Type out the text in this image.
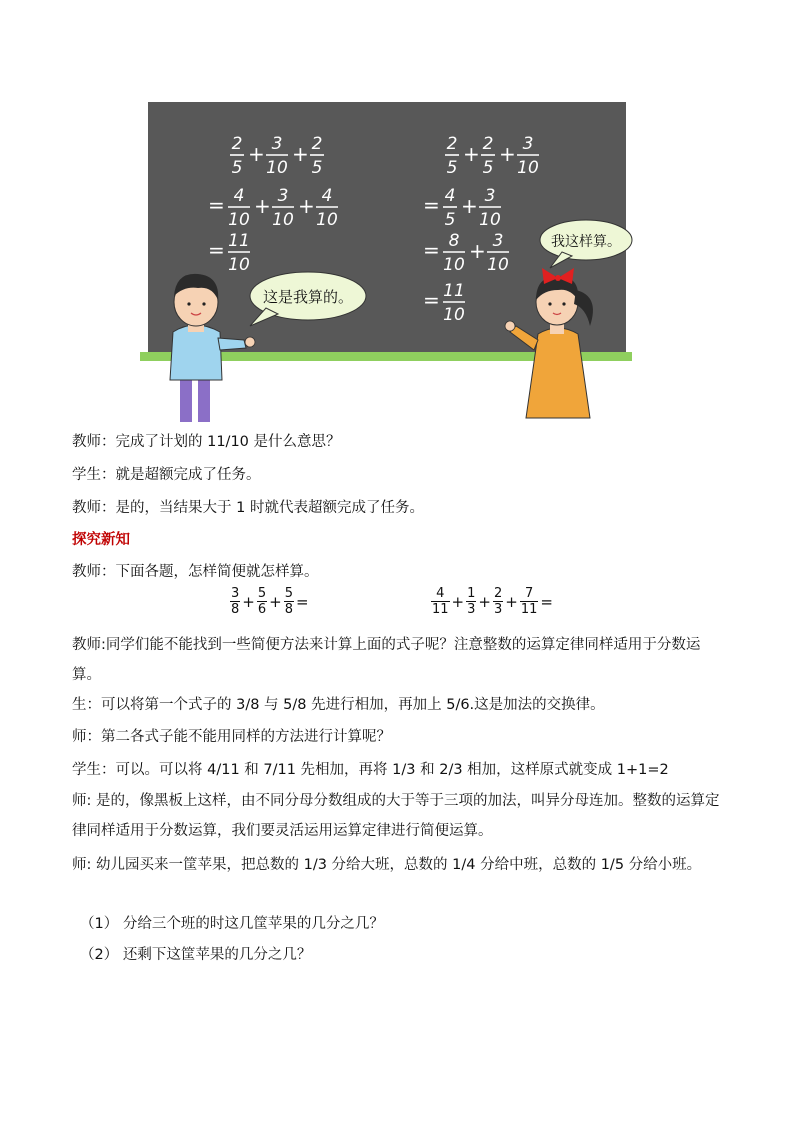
2
5
+ 3
10
+ 2
5
= 4
10
+ 3
10
+ 4
10
= 11
10
2
5
+ 2
5
+ 3
10
= 4
5
+ 3
10
= 8
10
+ 3
10
= 11
10
这是我算的。
我这样算。
教师：完成了计划的 11/10 是什么意思？
学生：就是超额完成了任务。
教师：是的，当结果大于 1 时就代表超额完成了任务。
探究新知
教师：下面各题，怎样简便就怎样算。
$\frac{3}{8} + \frac{5}{6} + \frac{5}{8}$ =	$\frac{4}{11} + \frac{1}{3} + \frac{2}{3} + \frac{7}{11}$ =
教师:同学们能不能找到一些简便方法来计算上面的式子呢？注意整数的运算定律同样适用于分数运算。
生：可以将第一个式子的 3/8 与 5/8 先进行相加，再加上 5/6.这是加法的交换律。
师：第二各式子能不能用同样的方法进行计算呢？
学生：可以。可以将 4/11 和 7/11 先相加，再将 1/3 和 2/3 相加，这样原式就变成 1+1=2
师: 是的，像黑板上这样，由不同分母分数组成的大于等于三项的加法，叫异分母连加。整数的运算定律同样适用于分数运算，我们要灵活运用运算定律进行简便运算。
师: 幼儿园买来一筐苹果，把总数的 1/3 分给大班，总数的 1/4 分给中班，总数的 1/5 分给小班。
（1） 分给三个班的时这几筐苹果的几分之几？
（2） 还剩下这筐苹果的几分之几？
